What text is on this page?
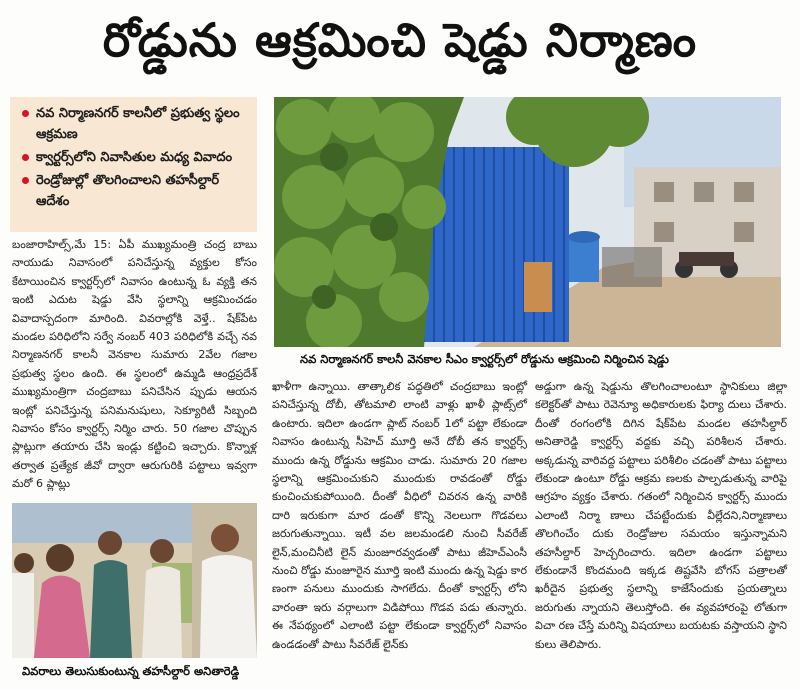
రోడ్డును ఆక్రమించి షెడ్డు నిర్మాణం
నవ నిర్మాణనగర్ కాలనీలో ప్రభుత్వ స్థలం ఆక్రమణ
క్వార్టర్స్‌లోని నివాసితుల మధ్య వివాదం
రెండ్రోజుల్లో తొలగించాలని తహసీల్దార్ ఆదేశం
నవ నిర్మాణనగర్ కాలనీ వెనకాల సీఎం క్వార్టర్స్‌లో రోడ్డును ఆక్రమించి నిర్మించిన షెడ్డు

బంజారాహిల్స్,మే 15: ఏపీ ముఖ్యమంత్రి చంద్ర బాబు నాయుడు నివాసంలో పనిచేస్తున్న వ్యక్తుల కోసం కేటాయించిన క్వార్టర్స్‌లో నివాసం ఉంటున్న ఓ వ్యక్తి తన ఇంటి ఎదుట షెడ్డు వేసి స్థలాన్ని ఆక్రమించడం వివాదాస్పదంగా మారింది. వివరాల్లోకి వెళ్తే.. షేక్‌పేట మండల పరిధిలోని సర్వే నంబర్ 403 పరిధిలోకి వచ్చే నవ నిర్మాణనగర్ కాలనీ వెనకాల సుమారు 2వేల గజాల ప్రభుత్వ స్థలం ఉంది. ఈ స్థలంలో ఉమ్మడి ఆంధ్రప్రదేశ్ ముఖ్యమంత్రిగా చంద్రబాబు పనిచేసిన ప్పుడు ఆయన ఇంట్లో పనిచేస్తున్న పనిమనుషులు, సెక్యూరిటీ సిబ్బంది నివాసం కోసం క్వార్టర్స్ నిర్మిం చారు. 50 గజాల చొప్పున ప్లాట్లుగా తయారు చేసి ఇండ్లు కట్టించి ఇచ్చారు. కొన్నాళ్ల తర్వాత ప్రత్యేక జీవో ద్వారా ఆరుగురికి పట్టాలు ఇవ్వగా మరో 6 ప్లాట్లు

వివరాలు తెలుసుకుంటున్న తహసీల్దార్ అనితారెడ్డి

ఖాళీగా ఉన్నాయి. తాత్కాలిక పద్ధతిలో చంద్రబాబు ఇంట్లో పనిచేస్తున్న దోబీ, తోటమాలి లాంటి వాళ్లు ఖాళీ ప్లాట్స్‌లో ఉంటారు. ఇదిలా ఉండగా ప్లాట్ నంబర్ 1లో పట్టా లేకుండా నివాసం ఉంటున్న సీహెచ్ మూర్తి అనే దోబీ తన క్వార్టర్స్ ముందు ఉన్న రోడ్డును ఆక్రమిం చాడు. సుమారు 20 గజాల స్థలాన్ని ఆక్రమించుకుని ముందుకు రావడంతో రోడ్డు కుంచించుకుపోయింది. దీంతో వీధిలో చివరన ఉన్న వారికి దారి ఇరుకుగా మార డంతో కొన్ని నెలలుగా గొడవలు జరుగుతున్నాయి. ఇటీ వల జలమండలి నుంచి సీవరేజ్ లైన్,మంచినీటి లైన్ మంజూరవ్వడంతో పాటు జీహెచ్ఎంసీ నుంచి రోడ్డు మంజూరైన మూర్తి ఇంటి ముందు ఉన్న షెడ్డు కార ణంగా పనులు ముందుకు సాగలేదు. దీంతో క్వార్టర్స్‌ లోని వారంతా ఇరు వర్గాలుగా విడిపోయి గొడవ పడు తున్నారు. ఈ నేపథ్యంలో ఎలాంటి పట్టా లేకుండా క్వార్టర్స్‌లో నివాసం ఉండడంతో పాటు సీవరేజ్ లైన్‌కు

అడ్డుగా ఉన్న షెడ్డును తొలగించాలంటూ స్థానికులు జిల్లా కలెక్టర్‌తో పాటు రెవెన్యూ అధికారులకు ఫిర్యా దులు చేశారు. దీంతో రంగంలోకి దిగిన షేక్‌పేట మండల తహసీల్దార్ అనితారెడ్డి క్వార్టర్స్ వద్దకు వచ్చి పరిశీలన చేశారు. అక్కడున్న వారివద్ద పట్టాలు పరిశీలిం చడంతో పాటు పట్టాలు లేకుండా ఉంటూ రోడ్డు ఆక్రమ ణలకు పాల్పడుతున్న వారిపై ఆగ్రహం వ్యక్తం చేశారు. గతంలో నిర్మించిన క్వార్టర్స్ ముందు ఎలాంటి నిర్మా ణాలు చేపట్టేందుకు వీల్లేదని,నిర్మాణాలు తొలగించేం దుకు రెండ్రోజుల సమయం ఇస్తున్నామని తహసీల్దార్ హెచ్చరించారు. ఇదిలా ఉండగా పట్టాలు లేకుండానే కొందమంది ఇక్కడ తిష్టవేసి బోగస్ పత్రాలతో ఖరీదైన ప్రభుత్వ స్థలాన్ని కాజేసేందుకు ప్రయత్నాలు జరుగుతు న్నాయని తెలుస్తోంది. ఈ వ్యవహారంపై లోతుగా విచా రణ చేస్తే మరిన్ని విషయాలు బయటకు వస్తాయని స్థాని కులు తెలిపారు.
